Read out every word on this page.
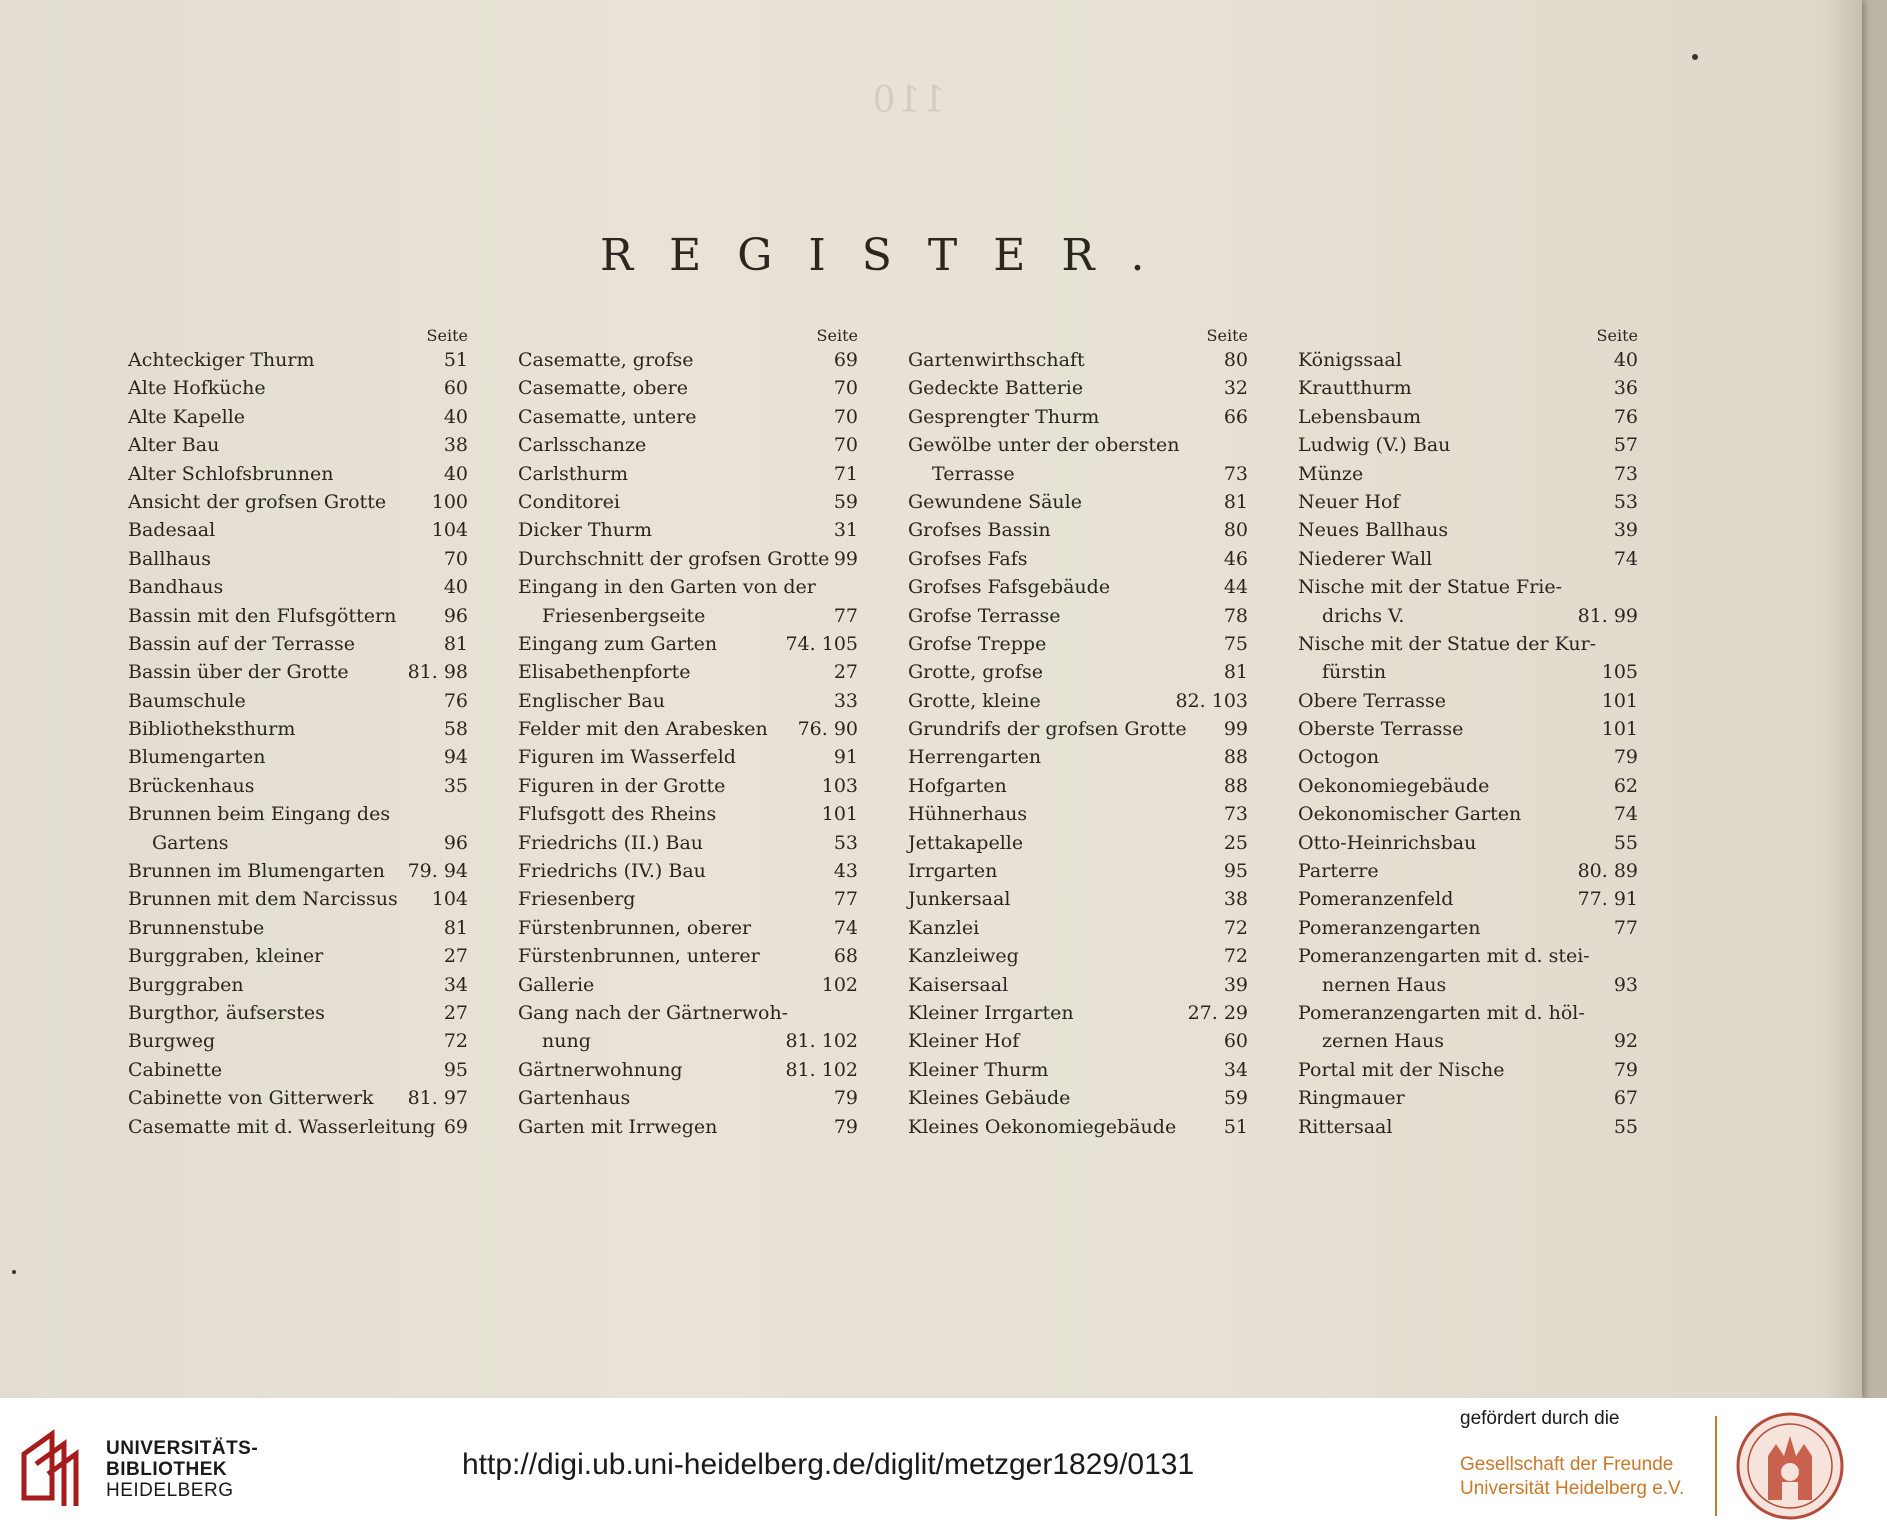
110
REGISTER.
Seite
Achteckiger Thurm	51
Alte Hofküche	60
Alte Kapelle	40
Alter Bau	38
Alter Schlofsbrunnen	40
Ansicht der grofsen Grotte 100
Badesaal	104
Ballhaus	70
Bandhaus	40
Bassin mit den Flufsgöttern	96
Bassin auf der Terrasse	81
Bassin über der Grotte	81. 98
Baumschule	76
Bibliotheksthurm	58
Blumengarten	94
Brückenhaus	35
Brunnen beim Eingang des
Gartens	96
Brunnen im Blumengarten 79. 94
Brunnen mit dem Narcissus 104
Brunnenstube	81
Burggraben, kleiner	27
Burggraben	34
Burgthor, äufserstes	27
Burgweg	72
Cabinette	95
Cabinette von Gitterwerk 81. 97
Casematte mit d. Wasserleitung 69
Seite
Casematte, grofse	69
Casematte, obere	70
Casematte, untere	70
Carlsschanze	70
Carlsthurm	71
Conditorei	59
Dicker Thurm	31
Durchschnitt der grofsen Grotte 99
Eingang in den Garten von der
Friesenbergseite	77
Eingang zum Garten	74. 105
Elisabethenpforte	27
Englischer Bau	33
Felder mit den Arabesken 76. 90
Figuren im Wasserfeld	91
Figuren in der Grotte	103
Flufsgott des Rheins	101
Friedrichs (II.) Bau	53
Friedrichs (IV.) Bau	43
Friesenberg	77
Fürstenbrunnen, oberer	74
Fürstenbrunnen, unterer	68
Gallerie	102
Gang nach der Gärtnerwoh-
nung	81. 102
Gärtnerwohnung	81. 102
Gartenhaus	79
Garten mit Irrwegen	79
Seite
Gartenwirthschaft	80
Gedeckte Batterie	32
Gesprengter Thurm	66
Gewölbe unter der obersten
Terrasse	73
Gewundene Säule	81
Grofses Bassin	80
Grofses Fafs	46
Grofses Fafsgebäude	44
Grofse Terrasse	78
Grofse Treppe	75
Grotte, grofse	81
Grotte, kleine	82. 103
Grundrifs der grofsen Grotte 99
Herrengarten	88
Hofgarten	88
Hühnerhaus	73
Jettakapelle	25
Irrgarten	95
Junkersaal	38
Kanzlei	72
Kanzleiweg	72
Kaisersaal	39
Kleiner Irrgarten	27. 29
Kleiner Hof	60
Kleiner Thurm	34
Kleines Gebäude	59
Kleines Oekonomiegebäude	51
Seite
Königssaal	40
Krautthurm	36
Lebensbaum	76
Ludwig (V.) Bau	57
Münze	73
Neuer Hof	53
Neues Ballhaus	39
Niederer Wall	74
Nische mit der Statue Frie-
drichs V.	81. 99
Nische mit der Statue der Kur-
fürstin	105
Obere Terrasse	101
Oberste Terrasse	101
Octogon	79
Oekonomiegebäude	62
Oekonomischer Garten	74
Otto-Heinrichsbau	55
Parterre	80. 89
Pomeranzenfeld	77. 91
Pomeranzengarten	77
Pomeranzengarten mit d. stei-
nernen Haus	93
Pomeranzengarten mit d. höl-
zernen Haus	92
Portal mit der Nische	79
Ringmauer	67
Rittersaal	55
UNIVERSITÄTS-
BIBLIOTHEK
HEIDELBERG
http://digi.ub.uni-heidelberg.de/diglit/metzger1829/0131
gefördert durch die
Gesellschaft der Freunde
Universität Heidelberg e.V.
